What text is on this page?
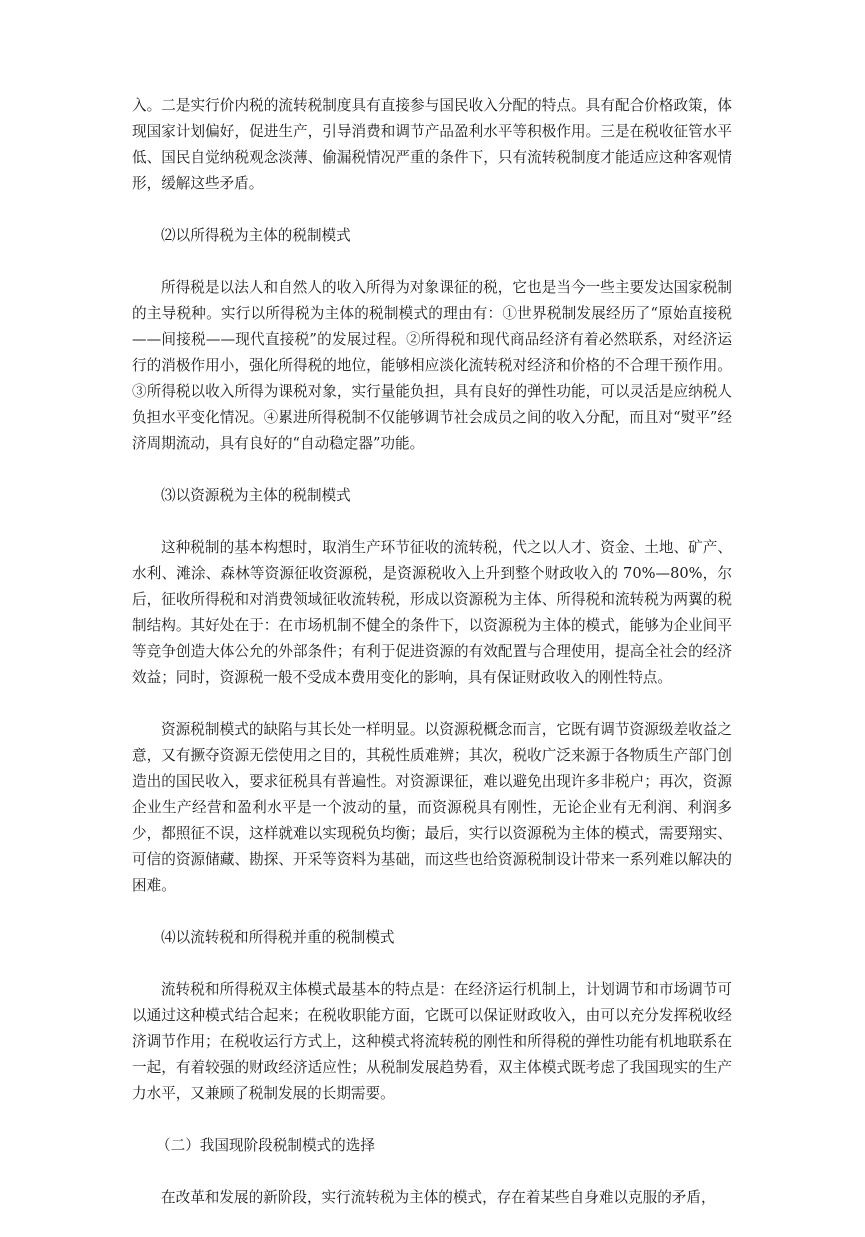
入。二是实行价内税的流转税制度具有直接参与国民收入分配的特点。具有配合价格政策，体现国家计划偏好，促进生产，引导消费和调节产品盈利水平等积极作用。三是在税收征管水平低、国民自觉纳税观念淡薄、偷漏税情况严重的条件下，只有流转税制度才能适应这种客观情形，缓解这些矛盾。

⑵以所得税为主体的税制模式

所得税是以法人和自然人的收入所得为对象课征的税，它也是当今一些主要发达国家税制的主导税种。实行以所得税为主体的税制模式的理由有：①世界税制发展经历了“原始直接税——间接税——现代直接税”的发展过程。②所得税和现代商品经济有着必然联系，对经济运行的消极作用小，强化所得税的地位，能够相应淡化流转税对经济和价格的不合理干预作用。③所得税以收入所得为课税对象，实行量能负担，具有良好的弹性功能，可以灵活是应纳税人负担水平变化情况。④累进所得税制不仅能够调节社会成员之间的收入分配，而且对“熨平”经济周期流动，具有良好的“自动稳定器”功能。

⑶以资源税为主体的税制模式

这种税制的基本构想时，取消生产环节征收的流转税，代之以人才、资金、土地、矿产、水利、滩涂、森林等资源征收资源税，是资源税收入上升到整个财政收入的 70%—80%，尔后，征收所得税和对消费领域征收流转税，形成以资源税为主体、所得税和流转税为两翼的税制结构。其好处在于：在市场机制不健全的条件下，以资源税为主体的模式，能够为企业间平等竞争创造大体公允的外部条件；有利于促进资源的有效配置与合理使用，提高全社会的经济效益；同时，资源税一般不受成本费用变化的影响，具有保证财政收入的刚性特点。

资源税制模式的缺陷与其长处一样明显。以资源税概念而言，它既有调节资源级差收益之意，又有撅夺资源无偿使用之目的，其税性质难辨；其次，税收广泛来源于各物质生产部门创造出的国民收入，要求征税具有普遍性。对资源课征，难以避免出现许多非税户；再次，资源企业生产经营和盈利水平是一个波动的量，而资源税具有刚性，无论企业有无利润、利润多少，都照征不误，这样就难以实现税负均衡；最后，实行以资源税为主体的模式，需要翔实、可信的资源储藏、勘探、开采等资料为基础，而这些也给资源税制设计带来一系列难以解决的困难。

⑷以流转税和所得税并重的税制模式

流转税和所得税双主体模式最基本的特点是：在经济运行机制上，计划调节和市场调节可以通过这种模式结合起来；在税收职能方面，它既可以保证财政收入，由可以充分发挥税收经济调节作用；在税收运行方式上，这种模式将流转税的刚性和所得税的弹性功能有机地联系在一起，有着较强的财政经济适应性；从税制发展趋势看，双主体模式既考虑了我国现实的生产力水平，又兼顾了税制发展的长期需要。

（二）我国现阶段税制模式的选择

在改革和发展的新阶段，实行流转税为主体的模式，存在着某些自身难以克服的矛盾，
